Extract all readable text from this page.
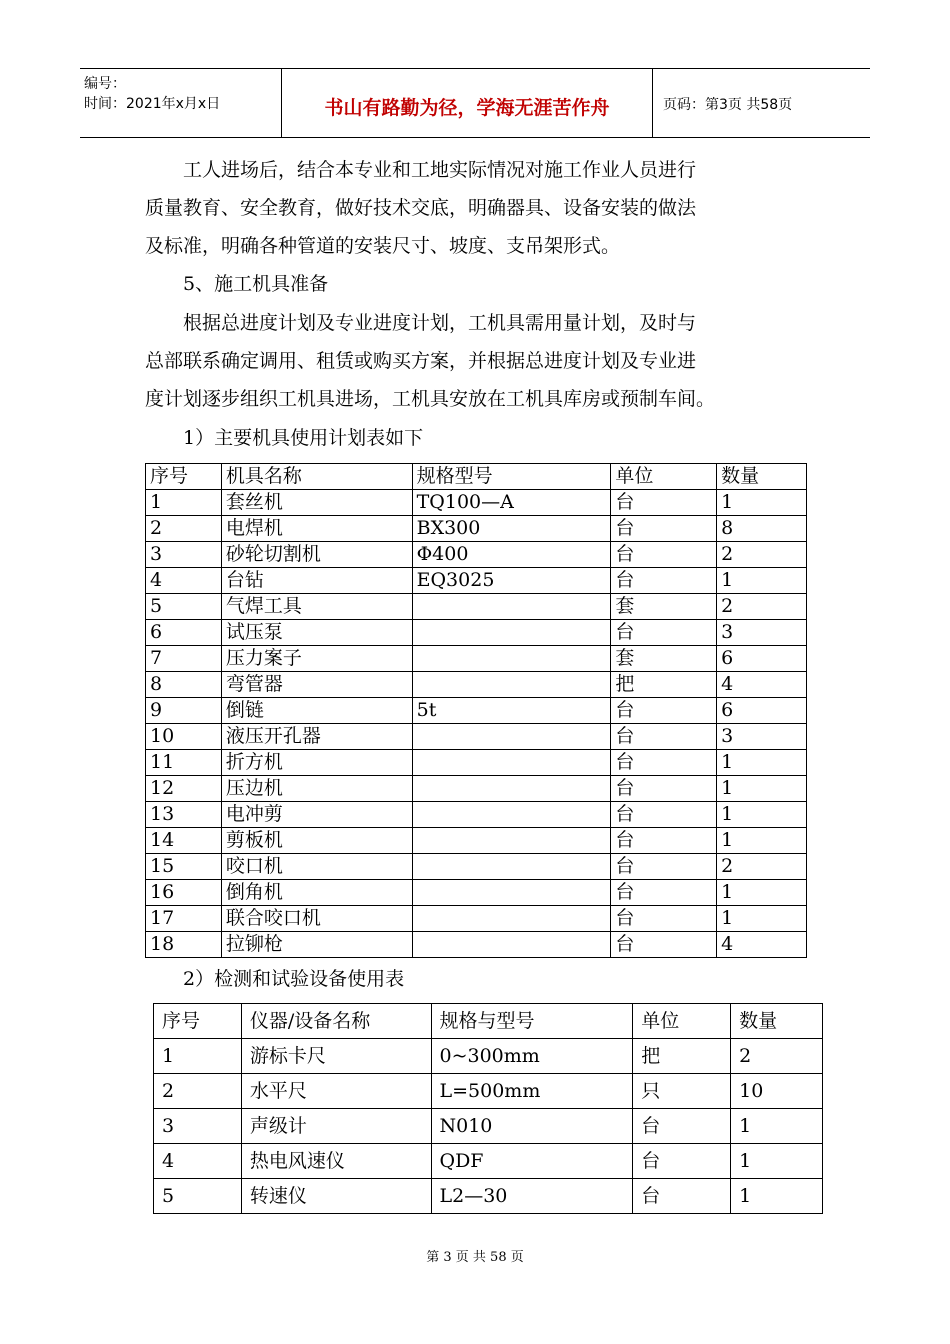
编号：
时间：2021年x月x日	书山有路勤为径，学海无涯苦作舟	页码：第3页 共58页
工人进场后，结合本专业和工地实际情况对施工作业人员进行
质量教育、安全教育，做好技术交底，明确器具、设备安装的做法
及标准，明确各种管道的安装尺寸、坡度、支吊架形式。
5、施工机具准备
根据总进度计划及专业进度计划，工机具需用量计划，及时与
总部联系确定调用、租赁或购买方案，并根据总进度计划及专业进
度计划逐步组织工机具进场，工机具安放在工机具库房或预制车间。
1）主要机具使用计划表如下
序号	机具名称	规格型号	单位	数量
1	套丝机	TQ100—A	台	1
2	电焊机	BX300	台	8
3	砂轮切割机	Φ400	台	2
4	台钻	EQ3025	台	1
5	气焊工具		套	2
6	试压泵		台	3
7	压力案子		套	6
8	弯管器		把	4
9	倒链	5t	台	6
10	液压开孔器		台	3
11	折方机		台	1
12	压边机		台	1
13	电冲剪		台	1
14	剪板机		台	1
15	咬口机		台	2
16	倒角机		台	1
17	联合咬口机		台	1
18	拉铆枪		台	4
2）检测和试验设备使用表
序号	仪器/设备名称	规格与型号	单位	数量
1	游标卡尺	0~300mm	把	2
2	水平尺	L=500mm	只	10
3	声级计	N010	台	1
4	热电风速仪	QDF	台	1
5	转速仪	L2—30	台	1
第 3 页 共 58 页
